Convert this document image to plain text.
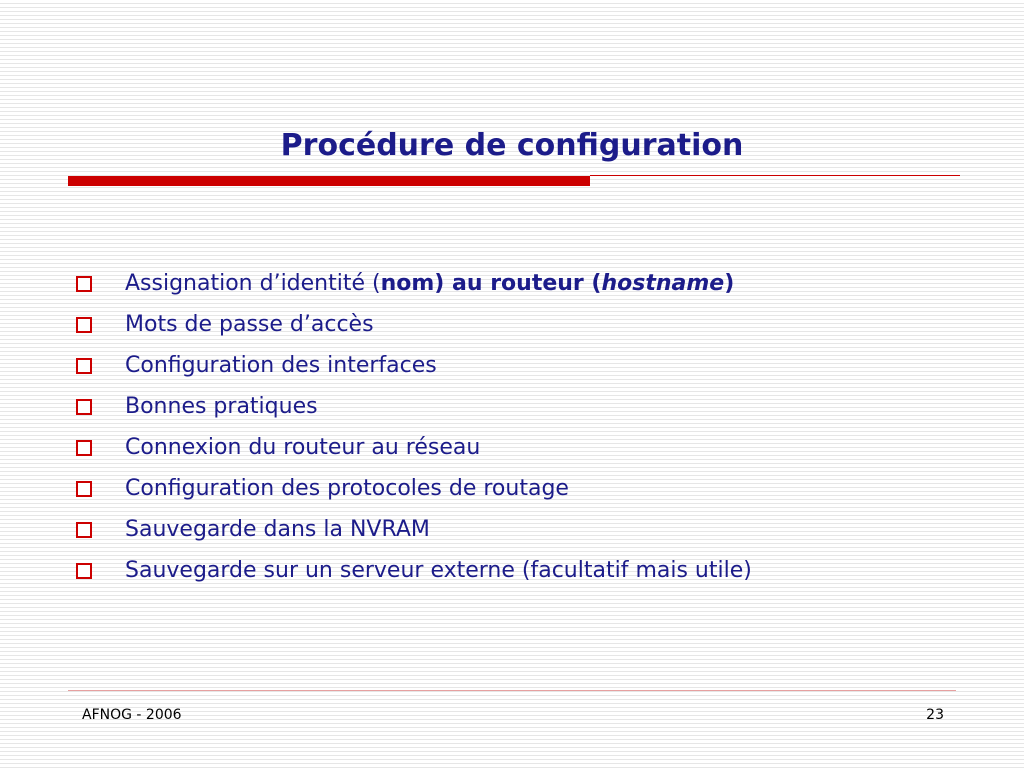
Procédure de configuration
Assignation d’identité (nom) au routeur (hostname)
Mots de passe d’accès
Configuration des interfaces
Bonnes pratiques
Connexion du routeur au réseau
Configuration des protocoles de routage
Sauvegarde dans la NVRAM
Sauvegarde sur un serveur externe (facultatif mais utile)
AFNOG - 2006	23
